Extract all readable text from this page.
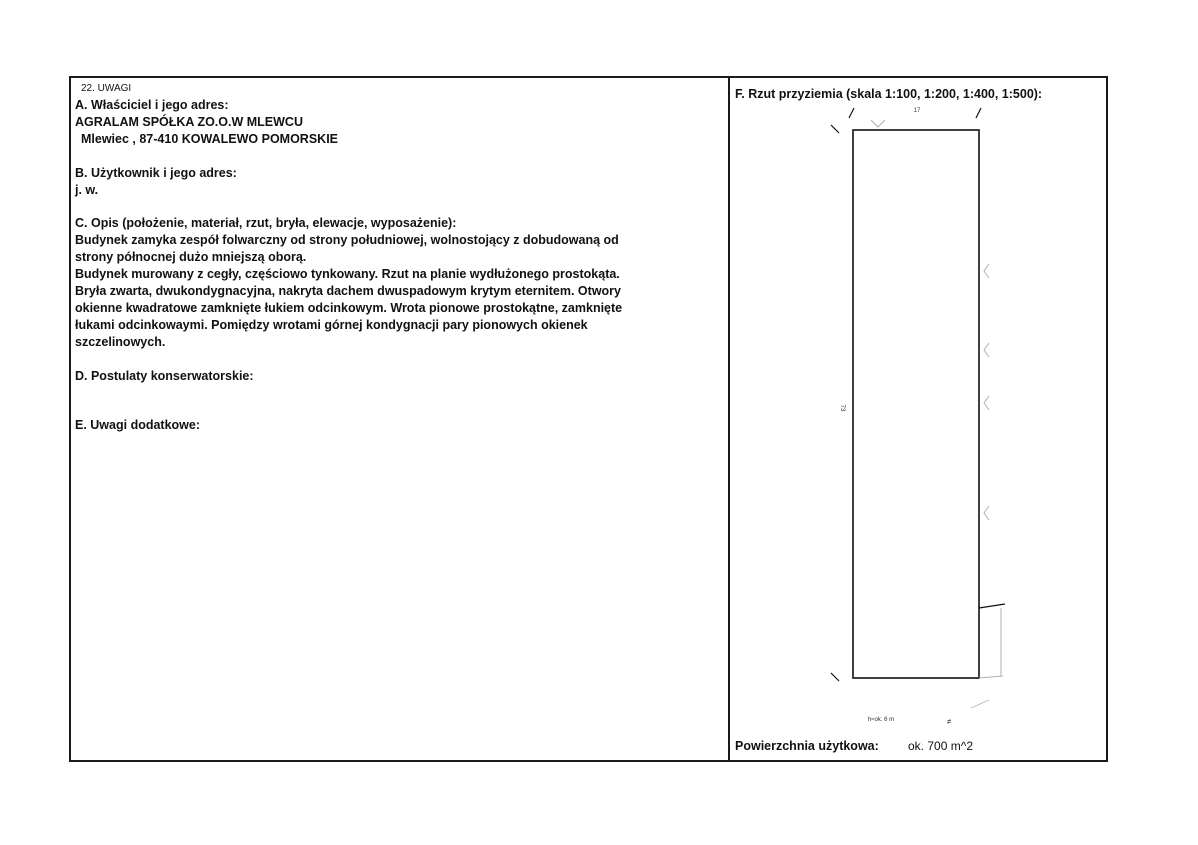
22. UWAGI
A. Właściciel i jego adres:
AGRALAM SPÓŁKA ZO.O.W MLEWCU
Mlewiec , 87-410 KOWALEWO POMORSKIE
B. Użytkownik i jego adres:
j. w.
C. Opis (położenie, materiał, rzut, bryła, elewacje, wyposażenie):
Budynek zamyka zespół folwarczny od strony południowej, wolnostojący z dobudowaną od
strony północnej dużo mniejszą oborą.
Budynek murowany z cegły, częściowo tynkowany. Rzut na planie wydłużonego prostokąta.
Bryła zwarta, dwukondygnacyjna, nakryta dachem dwuspadowym krytym eternitem. Otwory
okienne kwadratowe zamknięte łukiem odcinkowym. Wrota pionowe prostokątne, zamknięte
łukami odcinkowaymi. Pomiędzy wrotami górnej kondygnacji pary pionowych okienek
szczelinowych.
D. Postulaty konserwatorskie:
E. Uwagi dodatkowe:
F. Rzut przyziemia (skala 1:100, 1:200, 1:400, 1:500):
17
73
h≈ok. 6 m	≠
Powierzchnia użytkowa: ok. 700 m^2
